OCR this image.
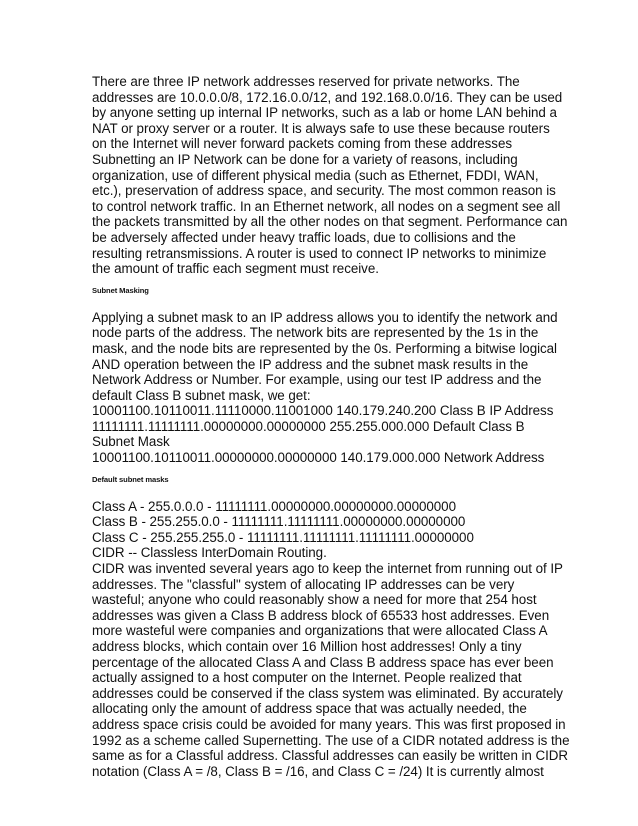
There are three IP network addresses reserved for private networks. The
addresses are 10.0.0.0/8, 172.16.0.0/12, and 192.168.0.0/16. They can be used
by anyone setting up internal IP networks, such as a lab or home LAN behind a
NAT or proxy server or a router. It is always safe to use these because routers
on the Internet will never forward packets coming from these addresses
Subnetting an IP Network can be done for a variety of reasons, including
organization, use of different physical media (such as Ethernet, FDDI, WAN,
etc.), preservation of address space, and security. The most common reason is
to control network traffic. In an Ethernet network, all nodes on a segment see all
the packets transmitted by all the other nodes on that segment. Performance can
be adversely affected under heavy traffic loads, due to collisions and the
resulting retransmissions. A router is used to connect IP networks to minimize
the amount of traffic each segment must receive.
Subnet Masking
Applying a subnet mask to an IP address allows you to identify the network and
node parts of the address. The network bits are represented by the 1s in the
mask, and the node bits are represented by the 0s. Performing a bitwise logical
AND operation between the IP address and the subnet mask results in the
Network Address or Number. For example, using our test IP address and the
default Class B subnet mask, we get:
10001100.10110011.11110000.11001000 140.179.240.200 Class B IP Address
11111111.11111111.00000000.00000000 255.255.000.000 Default Class B
Subnet Mask
10001100.10110011.00000000.00000000 140.179.000.000 Network Address
Default subnet masks
Class A - 255.0.0.0 - 11111111.00000000.00000000.00000000
Class B - 255.255.0.0 - 11111111.11111111.00000000.00000000
Class C - 255.255.255.0 - 11111111.11111111.11111111.00000000
CIDR -- Classless InterDomain Routing.
CIDR was invented several years ago to keep the internet from running out of IP
addresses. The "classful" system of allocating IP addresses can be very
wasteful; anyone who could reasonably show a need for more that 254 host
addresses was given a Class B address block of 65533 host addresses. Even
more wasteful were companies and organizations that were allocated Class A
address blocks, which contain over 16 Million host addresses! Only a tiny
percentage of the allocated Class A and Class B address space has ever been
actually assigned to a host computer on the Internet. People realized that
addresses could be conserved if the class system was eliminated. By accurately
allocating only the amount of address space that was actually needed, the
address space crisis could be avoided for many years. This was first proposed in
1992 as a scheme called Supernetting. The use of a CIDR notated address is the
same as for a Classful address. Classful addresses can easily be written in CIDR
notation (Class A = /8, Class B = /16, and Class C = /24) It is currently almost
